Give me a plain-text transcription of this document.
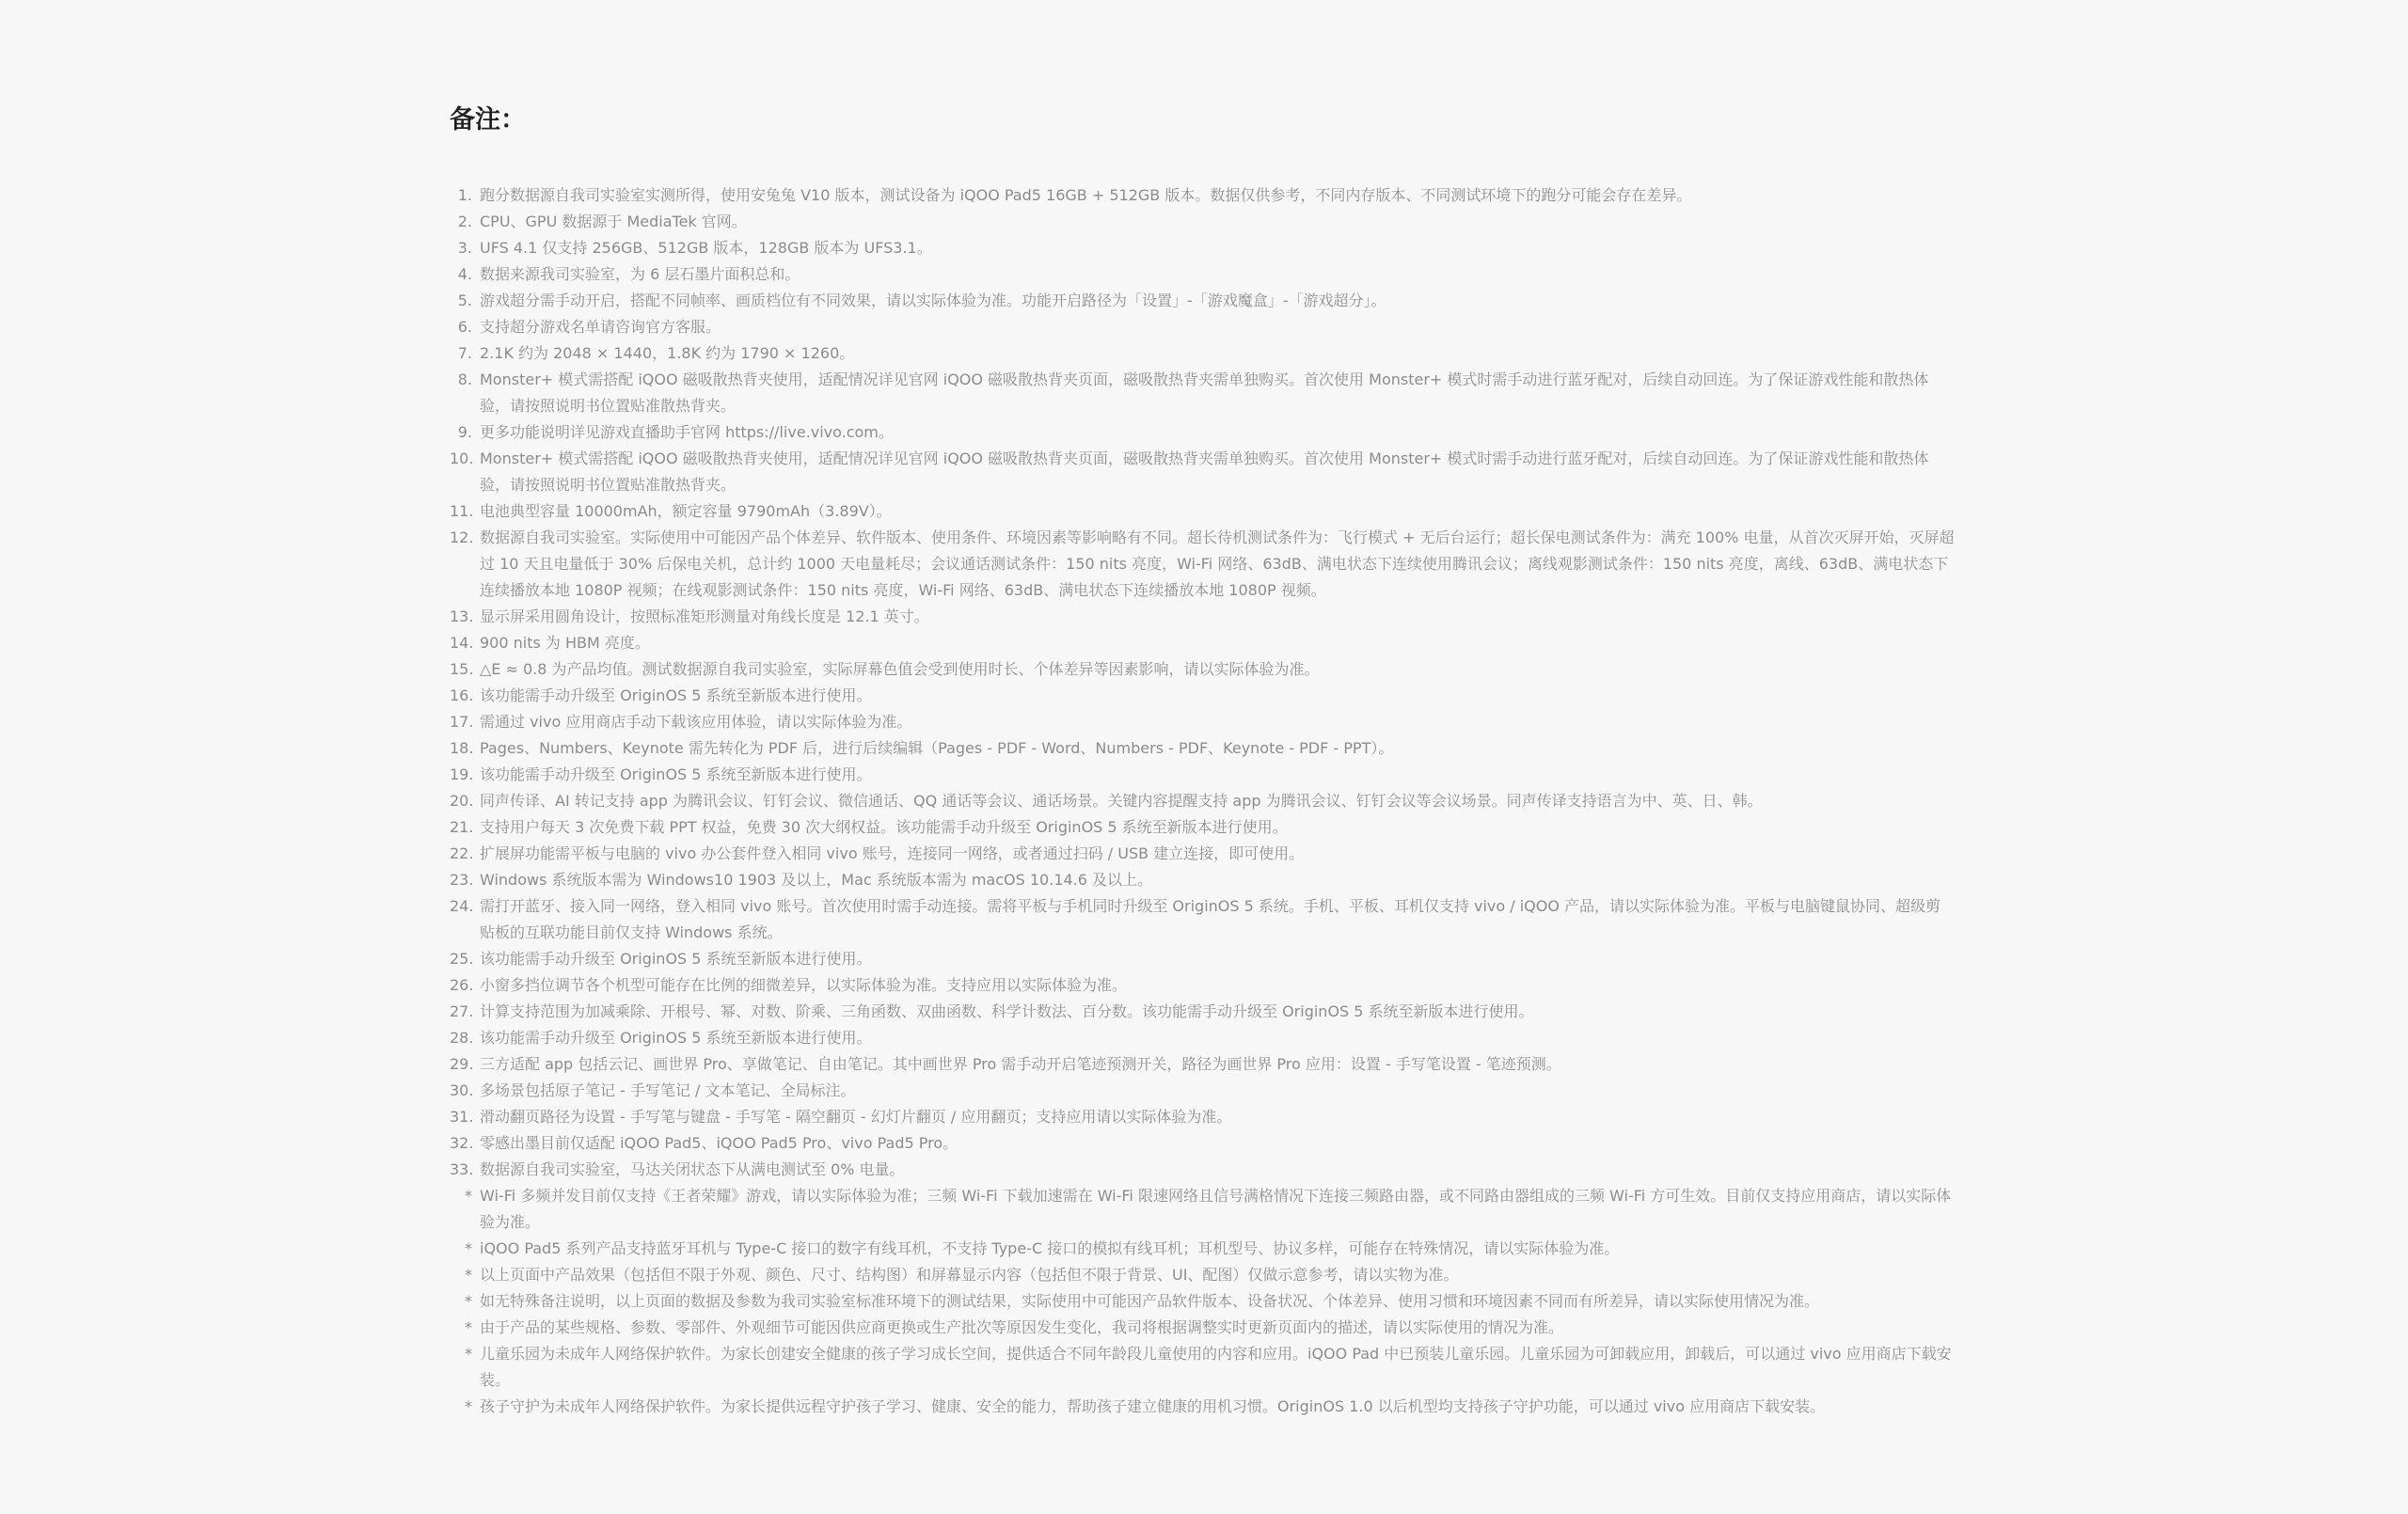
备注：
1. 跑分数据源自我司实验室实测所得，使用安兔兔 V10 版本，测试设备为 iQOO Pad5 16GB + 512GB 版本。数据仅供参考，不同内存版本、不同测试环境下的跑分可能会存在差异。
2. CPU、GPU 数据源于 MediaTek 官网。
3. UFS 4.1 仅支持 256GB、512GB 版本，128GB 版本为 UFS3.1。
4. 数据来源我司实验室，为 6 层石墨片面积总和。
5. 游戏超分需手动开启，搭配不同帧率、画质档位有不同效果，请以实际体验为准。功能开启路径为「设置」-「游戏魔盒」-「游戏超分」。
6. 支持超分游戏名单请咨询官方客服。
7. 2.1K 约为 2048 × 1440，1.8K 约为 1790 × 1260。
8. Monster+ 模式需搭配 iQOO 磁吸散热背夹使用，适配情况详见官网 iQOO 磁吸散热背夹页面，磁吸散热背夹需单独购买。首次使用 Monster+ 模式时需手动进行蓝牙配对，后续自动回连。为了保证游戏性能和散热体验，请按照说明书位置贴准散热背夹。
9. 更多功能说明详见游戏直播助手官网 https://live.vivo.com。
10. Monster+ 模式需搭配 iQOO 磁吸散热背夹使用，适配情况详见官网 iQOO 磁吸散热背夹页面，磁吸散热背夹需单独购买。首次使用 Monster+ 模式时需手动进行蓝牙配对，后续自动回连。为了保证游戏性能和散热体验，请按照说明书位置贴准散热背夹。
11. 电池典型容量 10000mAh，额定容量 9790mAh（3.89V）。
12. 数据源自我司实验室。实际使用中可能因产品个体差异、软件版本、使用条件、环境因素等影响略有不同。超长待机测试条件为：飞行模式 + 无后台运行；超长保电测试条件为：满充 100% 电量，从首次灭屏开始，灭屏超过 10 天且电量低于 30% 后保电关机，总计约 1000 天电量耗尽；会议通话测试条件：150 nits 亮度，Wi-Fi 网络、63dB、满电状态下连续使用腾讯会议；离线观影测试条件：150 nits 亮度，离线、63dB、满电状态下连续播放本地 1080P 视频；在线观影测试条件：150 nits 亮度，Wi-Fi 网络、63dB、满电状态下连续播放本地 1080P 视频。
13. 显示屏采用圆角设计，按照标准矩形测量对角线长度是 12.1 英寸。
14. 900 nits 为 HBM 亮度。
15. △E ≈ 0.8 为产品均值。测试数据源自我司实验室，实际屏幕色值会受到使用时长、个体差异等因素影响，请以实际体验为准。
16. 该功能需手动升级至 OriginOS 5 系统至新版本进行使用。
17. 需通过 vivo 应用商店手动下载该应用体验，请以实际体验为准。
18. Pages、Numbers、Keynote 需先转化为 PDF 后，进行后续编辑（Pages - PDF - Word、Numbers - PDF、Keynote - PDF - PPT）。
19. 该功能需手动升级至 OriginOS 5 系统至新版本进行使用。
20. 同声传译、AI 转记支持 app 为腾讯会议、钉钉会议、微信通话、QQ 通话等会议、通话场景。关键内容提醒支持 app 为腾讯会议、钉钉会议等会议场景。同声传译支持语言为中、英、日、韩。
21. 支持用户每天 3 次免费下载 PPT 权益，免费 30 次大纲权益。该功能需手动升级至 OriginOS 5 系统至新版本进行使用。
22. 扩展屏功能需平板与电脑的 vivo 办公套件登入相同 vivo 账号，连接同一网络，或者通过扫码 / USB 建立连接，即可使用。
23. Windows 系统版本需为 Windows10 1903 及以上，Mac 系统版本需为 macOS 10.14.6 及以上。
24. 需打开蓝牙、接入同一网络，登入相同 vivo 账号。首次使用时需手动连接。需将平板与手机同时升级至 OriginOS 5 系统。手机、平板、耳机仅支持 vivo / iQOO 产品，请以实际体验为准。平板与电脑键鼠协同、超级剪贴板的互联功能目前仅支持 Windows 系统。
25. 该功能需手动升级至 OriginOS 5 系统至新版本进行使用。
26. 小窗多挡位调节各个机型可能存在比例的细微差异，以实际体验为准。支持应用以实际体验为准。
27. 计算支持范围为加减乘除、开根号、幂、对数、阶乘、三角函数、双曲函数、科学计数法、百分数。该功能需手动升级至 OriginOS 5 系统至新版本进行使用。
28. 该功能需手动升级至 OriginOS 5 系统至新版本进行使用。
29. 三方适配 app 包括云记、画世界 Pro、享做笔记、自由笔记。其中画世界 Pro 需手动开启笔迹预测开关，路径为画世界 Pro 应用：设置 - 手写笔设置 - 笔迹预测。
30. 多场景包括原子笔记 - 手写笔记 / 文本笔记、全局标注。
31. 滑动翻页路径为设置 - 手写笔与键盘 - 手写笔 - 隔空翻页 - 幻灯片翻页 / 应用翻页；支持应用请以实际体验为准。
32. 零感出墨目前仅适配 iQOO Pad5、iQOO Pad5 Pro、vivo Pad5 Pro。
33. 数据源自我司实验室，马达关闭状态下从满电测试至 0% 电量。
* Wi-Fi 多频并发目前仅支持《王者荣耀》游戏，请以实际体验为准；三频 Wi-Fi 下载加速需在 Wi-Fi 限速网络且信号满格情况下连接三频路由器，或不同路由器组成的三频 Wi-Fi 方可生效。目前仅支持应用商店，请以实际体验为准。
* iQOO Pad5 系列产品支持蓝牙耳机与 Type-C 接口的数字有线耳机，不支持 Type-C 接口的模拟有线耳机；耳机型号、协议多样，可能存在特殊情况，请以实际体验为准。
* 以上页面中产品效果（包括但不限于外观、颜色、尺寸、结构图）和屏幕显示内容（包括但不限于背景、UI、配图）仅做示意参考，请以实物为准。
* 如无特殊备注说明，以上页面的数据及参数为我司实验室标准环境下的测试结果，实际使用中可能因产品软件版本、设备状况、个体差异、使用习惯和环境因素不同而有所差异，请以实际使用情况为准。
* 由于产品的某些规格、参数、零部件、外观细节可能因供应商更换或生产批次等原因发生变化，我司将根据调整实时更新页面内的描述，请以实际使用的情况为准。
* 儿童乐园为未成年人网络保护软件。为家长创建安全健康的孩子学习成长空间，提供适合不同年龄段儿童使用的内容和应用。iQOO Pad 中已预装儿童乐园。儿童乐园为可卸载应用，卸载后，可以通过 vivo 应用商店下载安装。
* 孩子守护为未成年人网络保护软件。为家长提供远程守护孩子学习、健康、安全的能力，帮助孩子建立健康的用机习惯。OriginOS 1.0 以后机型均支持孩子守护功能，可以通过 vivo 应用商店下载安装。
